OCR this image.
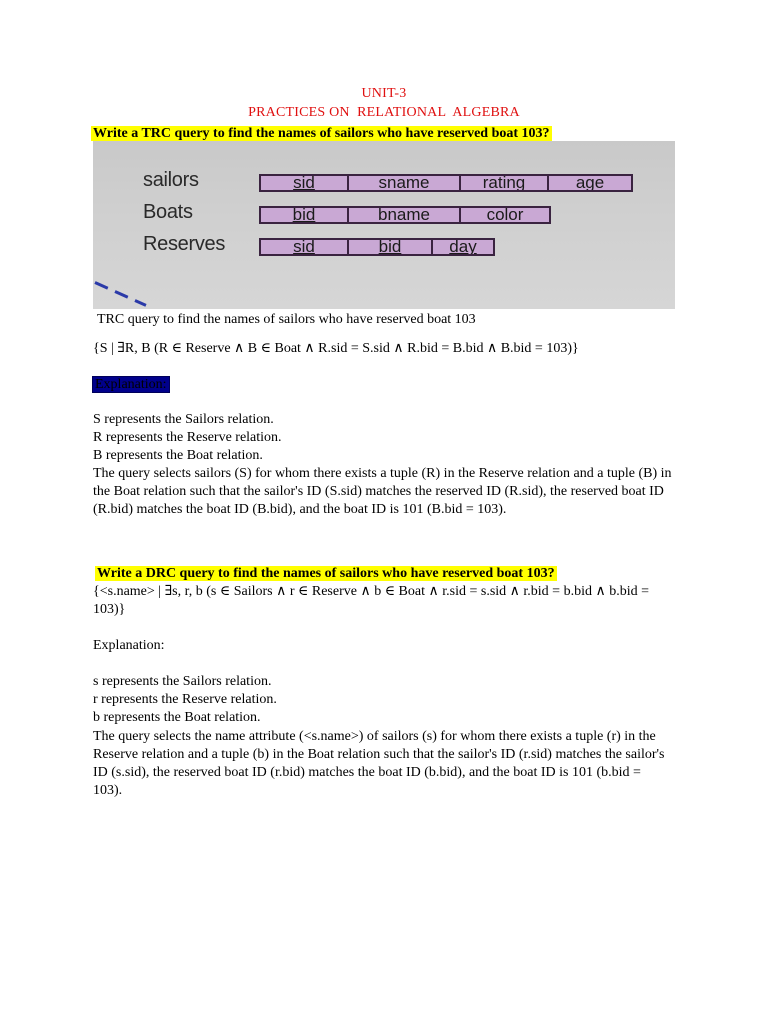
UNIT-3
PRACTICES ON  RELATIONAL  ALGEBRA
Write a TRC query to find the names of sailors who have reserved boat 103?
sailors	sid	sname	rating	age
Boats	bid	bname	color
Reserves	sid	bid	day
TRC query to find the names of sailors who have reserved boat 103
{S | ∃R, B (R ∈ Reserve ∧ B ∈ Boat ∧ R.sid = S.sid ∧ R.bid = B.bid ∧ B.bid = 103)}
Explanation:
S represents the Sailors relation.
R represents the Reserve relation.
B represents the Boat relation.
The query selects sailors (S) for whom there exists a tuple (R) in the Reserve relation and a tuple (B) in the Boat relation such that the sailor's ID (S.sid) matches the reserved ID (R.sid), the reserved boat ID (R.bid) matches the boat ID (B.bid), and the boat ID is 101 (B.bid = 103).
Write a DRC query to find the names of sailors who have reserved boat 103?
{<s.name> | ∃s, r, b (s ∈ Sailors ∧ r ∈ Reserve ∧ b ∈ Boat ∧ r.sid = s.sid ∧ r.bid = b.bid ∧ b.bid = 103)}
Explanation:
s represents the Sailors relation.
r represents the Reserve relation.
b represents the Boat relation.
The query selects the name attribute (<s.name>) of sailors (s) for whom there exists a tuple (r) in the Reserve relation and a tuple (b) in the Boat relation such that the sailor's ID (r.sid) matches the sailor's ID (s.sid), the reserved boat ID (r.bid) matches the boat ID (b.bid), and the boat ID is 101 (b.bid = 103).
